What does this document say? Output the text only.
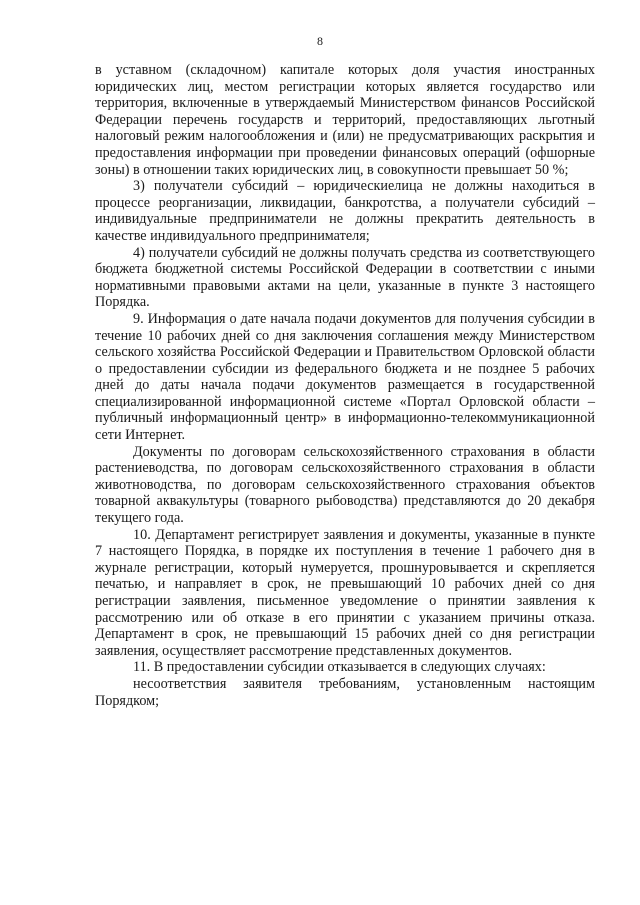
8

в уставном (складочном) капитале которых доля участия иностранных юридических лиц, местом регистрации которых является государство или территория, включенные в утверждаемый Министерством финансов Российской Федерации перечень государств и территорий, предоставляющих льготный налоговый режим налогообложения и (или) не предусматривающих раскрытия и предоставления информации при проведении финансовых операций (офшорные зоны) в отношении таких юридических лиц, в совокупности превышает 50 %;

3) получатели субсидий – юридическиелица не должны находиться в процессе реорганизации, ликвидации, банкротства, а получатели субсидий – индивидуальные предприниматели не должны прекратить деятельность в качестве индивидуального предпринимателя;

4) получатели субсидий не должны получать средства из соответствующего бюджета бюджетной системы Российской Федерации в соответствии с иными нормативными правовыми актами на цели, указанные в пункте 3 настоящего Порядка.

9. Информация о дате начала подачи документов для получения субсидии в течение 10 рабочих дней со дня заключения соглашения между Министерством сельского хозяйства Российской Федерации и Правительством Орловской области о предоставлении субсидии из федерального бюджета и не позднее 5 рабочих дней до даты начала подачи документов размещается в государственной специализированной информационной системе «Портал Орловской области – публичный информационный центр» в информационно-телекоммуникационной сети Интернет.

Документы по договорам сельскохозяйственного страхования в области растениеводства, по договорам сельскохозяйственного страхования в области животноводства, по договорам сельскохозяйственного страхования объектов товарной аквакультуры (товарного рыбоводства) представляются до 20 декабря текущего года.

10. Департамент регистрирует заявления и документы, указанные в пункте 7 настоящего Порядка, в порядке их поступления в течение 1 рабочего дня в журнале регистрации, который нумеруется, прошнуровывается и скрепляется печатью, и направляет в срок, не превышающий 10 рабочих дней со дня регистрации заявления, письменное уведомление о принятии заявления к рассмотрению или об отказе в его принятии с указанием причины отказа. Департамент в срок, не превышающий 15 рабочих дней со дня регистрации заявления, осуществляет рассмотрение представленных документов.

11. В предоставлении субсидии отказывается в следующих случаях:

несоответствия заявителя требованиям, установленным настоящим Порядком;
